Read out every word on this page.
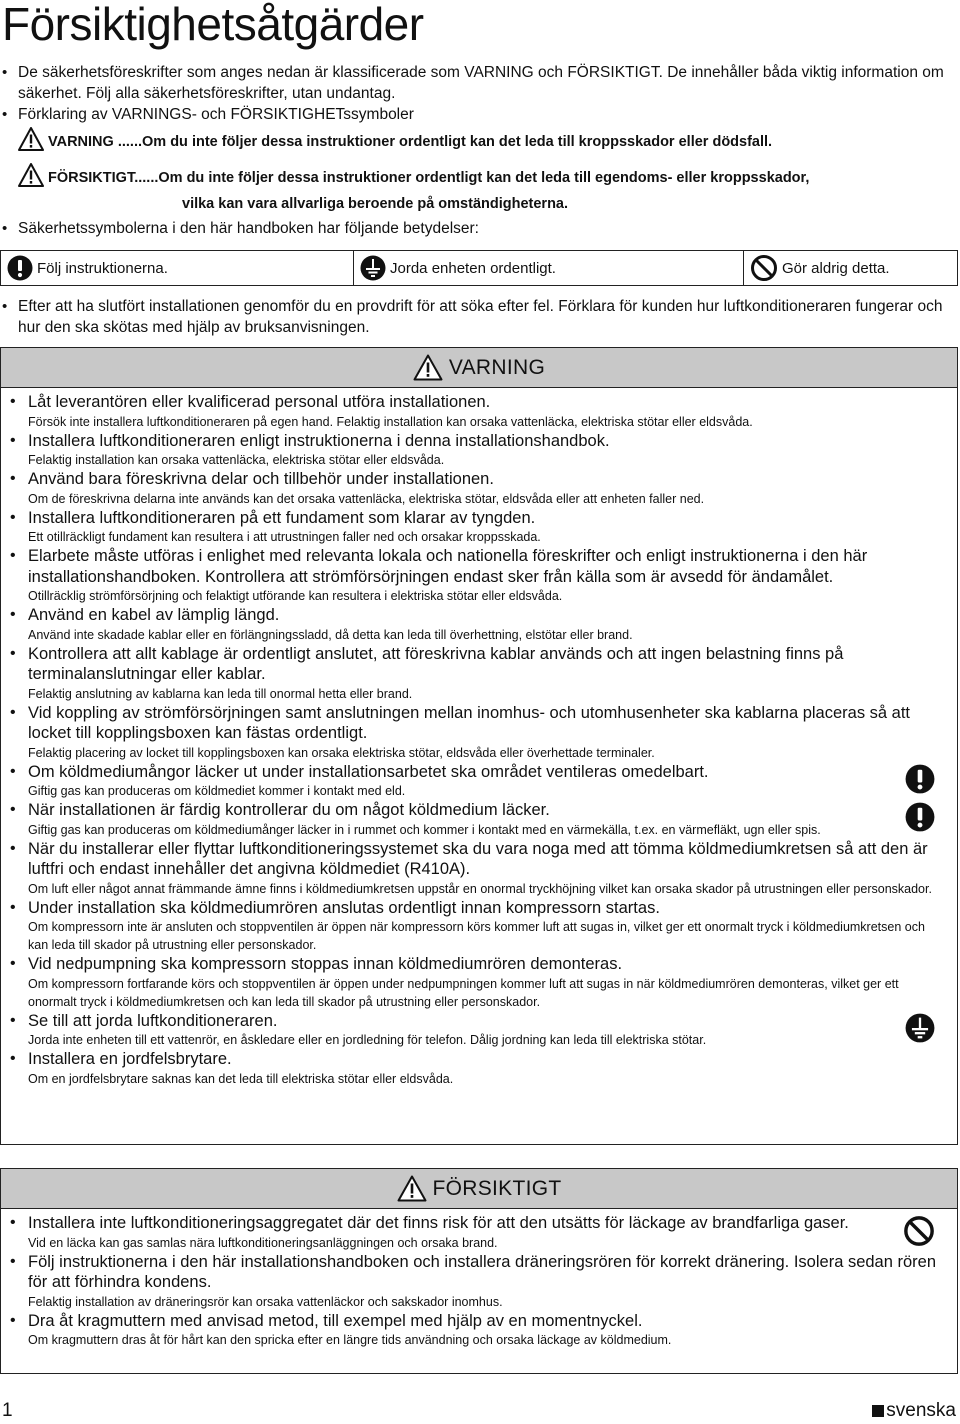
Försiktighetsåtgärder
• De säkerhetsföreskrifter som anges nedan är klassificerade som VARNING och FÖRSIKTIGT. De innehåller båda viktig information om säkerhet. Följ alla säkerhetsföreskrifter, utan undantag.
• Förklaring av VARNINGS- och FÖRSIKTIGHETssymboler
VARNING ......Om du inte följer dessa instruktioner ordentligt kan det leda till kroppsskador eller dödsfall.
FÖRSIKTIGT......Om du inte följer dessa instruktioner ordentligt kan det leda till egendoms- eller kroppsskador,
vilka kan vara allvarliga beroende på omständigheterna.
• Säkerhetssymbolerna i den här handboken har följande betydelser:
Följ instruktionerna.	Jorda enheten ordentligt.	Gör aldrig detta.
• Efter att ha slutfört installationen genomför du en provdrift för att söka efter fel. Förklara för kunden hur luftkonditioneraren fungerar och hur den ska skötas med hjälp av bruksanvisningen.
VARNING
• Låt leverantören eller kvalificerad personal utföra installationen.
Försök inte installera luftkonditioneraren på egen hand. Felaktig installation kan orsaka vattenläcka, elektriska stötar eller eldsvåda.
• Installera luftkonditioneraren enligt instruktionerna i denna installationshandbok.
Felaktig installation kan orsaka vattenläcka, elektriska stötar eller eldsvåda.
• Använd bara föreskrivna delar och tillbehör under installationen.
Om de föreskrivna delarna inte används kan det orsaka vattenläcka, elektriska stötar, eldsvåda eller att enheten faller ned.
• Installera luftkonditioneraren på ett fundament som klarar av tyngden.
Ett otillräckligt fundament kan resultera i att utrustningen faller ned och orsakar kroppsskada.
• Elarbete måste utföras i enlighet med relevanta lokala och nationella föreskrifter och enligt instruktionerna i den här installationshandboken. Kontrollera att strömförsörjningen endast sker från källa som är avsedd för ändamålet.
Otillräcklig strömförsörjning och felaktigt utförande kan resultera i elektriska stötar eller eldsvåda.
• Använd en kabel av lämplig längd.
Använd inte skadade kablar eller en förlängningssladd, då detta kan leda till överhettning, elstötar eller brand.
• Kontrollera att allt kablage är ordentligt anslutet, att föreskrivna kablar används och att ingen belastning finns på terminalanslutningar eller kablar.
Felaktig anslutning av kablarna kan leda till onormal hetta eller brand.
• Vid koppling av strömförsörjningen samt anslutningen mellan inomhus- och utomhusenheter ska kablarna placeras så att locket till kopplingsboxen kan fästas ordentligt.
Felaktig placering av locket till kopplingsboxen kan orsaka elektriska stötar, eldsvåda eller överhettade terminaler.
• Om köldmediumångor läcker ut under installationsarbetet ska området ventileras omedelbart.
Giftig gas kan produceras om köldmediet kommer i kontakt med eld.
• När installationen är färdig kontrollerar du om något köldmedium läcker.
Giftig gas kan produceras om köldmediumånger läcker in i rummet och kommer i kontakt med en värmekälla, t.ex. en värmefläkt, ugn eller spis.
• När du installerar eller flyttar luftkonditioneringssystemet ska du vara noga med att tömma köldmediumkretsen så att den är luftfri och endast innehåller det angivna köldmediet (R410A).
Om luft eller något annat främmande ämne finns i köldmediumkretsen uppstår en onormal tryckhöjning vilket kan orsaka skador på utrustningen eller personskador.
• Under installation ska köldmediumrören anslutas ordentligt innan kompressorn startas.
Om kompressorn inte är ansluten och stoppventilen är öppen när kompressorn körs kommer luft att sugas in, vilket ger ett onormalt tryck i köldmediumkretsen och kan leda till skador på utrustning eller personskador.
• Vid nedpumpning ska kompressorn stoppas innan köldmediumrören demonteras.
Om kompressorn fortfarande körs och stoppventilen är öppen under nedpumpningen kommer luft att sugas in när köldmediumrören demonteras, vilket ger ett onormalt tryck i köldmediumkretsen och kan leda till skador på utrustning eller personskador.
• Se till att jorda luftkonditioneraren.
Jorda inte enheten till ett vattenrör, en åskledare eller en jordledning för telefon. Dålig jordning kan leda till elektriska stötar.
• Installera en jordfelsbrytare.
Om en jordfelsbrytare saknas kan det leda till elektriska stötar eller eldsvåda.
FÖRSIKTIGT
• Installera inte luftkonditioneringsaggregatet där det finns risk för att den utsätts för läckage av brandfarliga gaser.
Vid en läcka kan gas samlas nära luftkonditioneringsanläggningen och orsaka brand.
• Följ instruktionerna i den här installationshandboken och installera dräneringsrören för korrekt dränering. Isolera sedan rören för att förhindra kondens.
Felaktig installation av dräneringsrör kan orsaka vattenläckor och sakskador inomhus.
• Dra åt kragmuttern med anvisad metod, till exempel med hjälp av en momentnyckel.
Om kragmuttern dras åt för hårt kan den spricka efter en längre tids användning och orsaka läckage av köldmedium.
1	svenska
